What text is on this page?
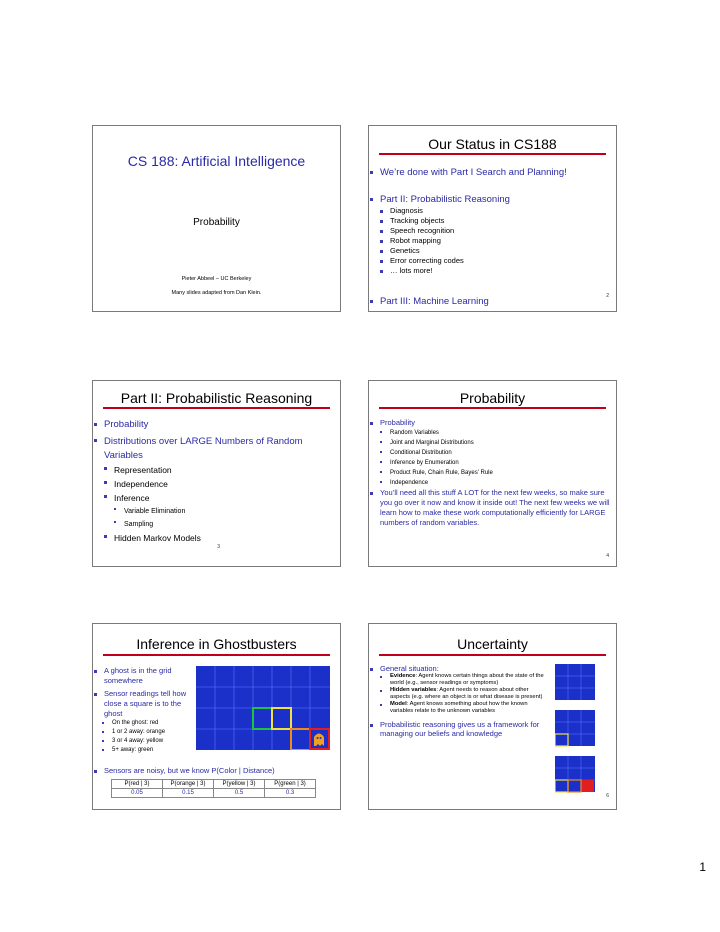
CS 188: Artificial Intelligence
Probability
Pieter Abbeel – UC Berkeley
Many slides adapted from Dan Klein.
Our Status in CS188
We’re done with Part I Search and Planning!
Part II: Probabilistic Reasoning
Diagnosis
Tracking objects
Speech recognition
Robot mapping
Genetics
Error correcting codes
… lots more!
Part III: Machine Learning	2
Part II: Probabilistic Reasoning
Probability
Distributions over LARGE Numbers of Random Variables
Representation
Independence
Inference
Variable Elimination
Sampling
Hidden Markov Models
3
Probability
Probability
Random Variables
Joint and Marginal Distributions
Conditional Distribution
Inference by Enumeration
Product Rule, Chain Rule, Bayes’ Rule
Independence
You’ll need all this stuff A LOT for the next few weeks, so make sure you go over it now and know it inside out! The next few weeks we will learn how to make these work computationally efficiently for LARGE numbers of random variables.
4
Inference in Ghostbusters
A ghost is in the grid somewhere
Sensor readings tell how close a square is to the ghost
On the ghost: red
1 or 2 away: orange
3 or 4 away: yellow
5+ away: green
Sensors are noisy, but we know P(Color | Distance)
P(red | 3)	P(orange | 3)	P(yellow | 3)	P(green | 3)
0.05	0.15	0.5	0.3
Uncertainty
General situation:
Evidence: Agent knows certain things about the state of the world (e.g., sensor readings or symptoms)
Hidden variables: Agent needs to reason about other aspects (e.g. where an object is or what disease is present)
Model: Agent knows something about how the known variables relate to the unknown variables
Probabilistic reasoning gives us a framework for managing our beliefs and knowledge
6
1
